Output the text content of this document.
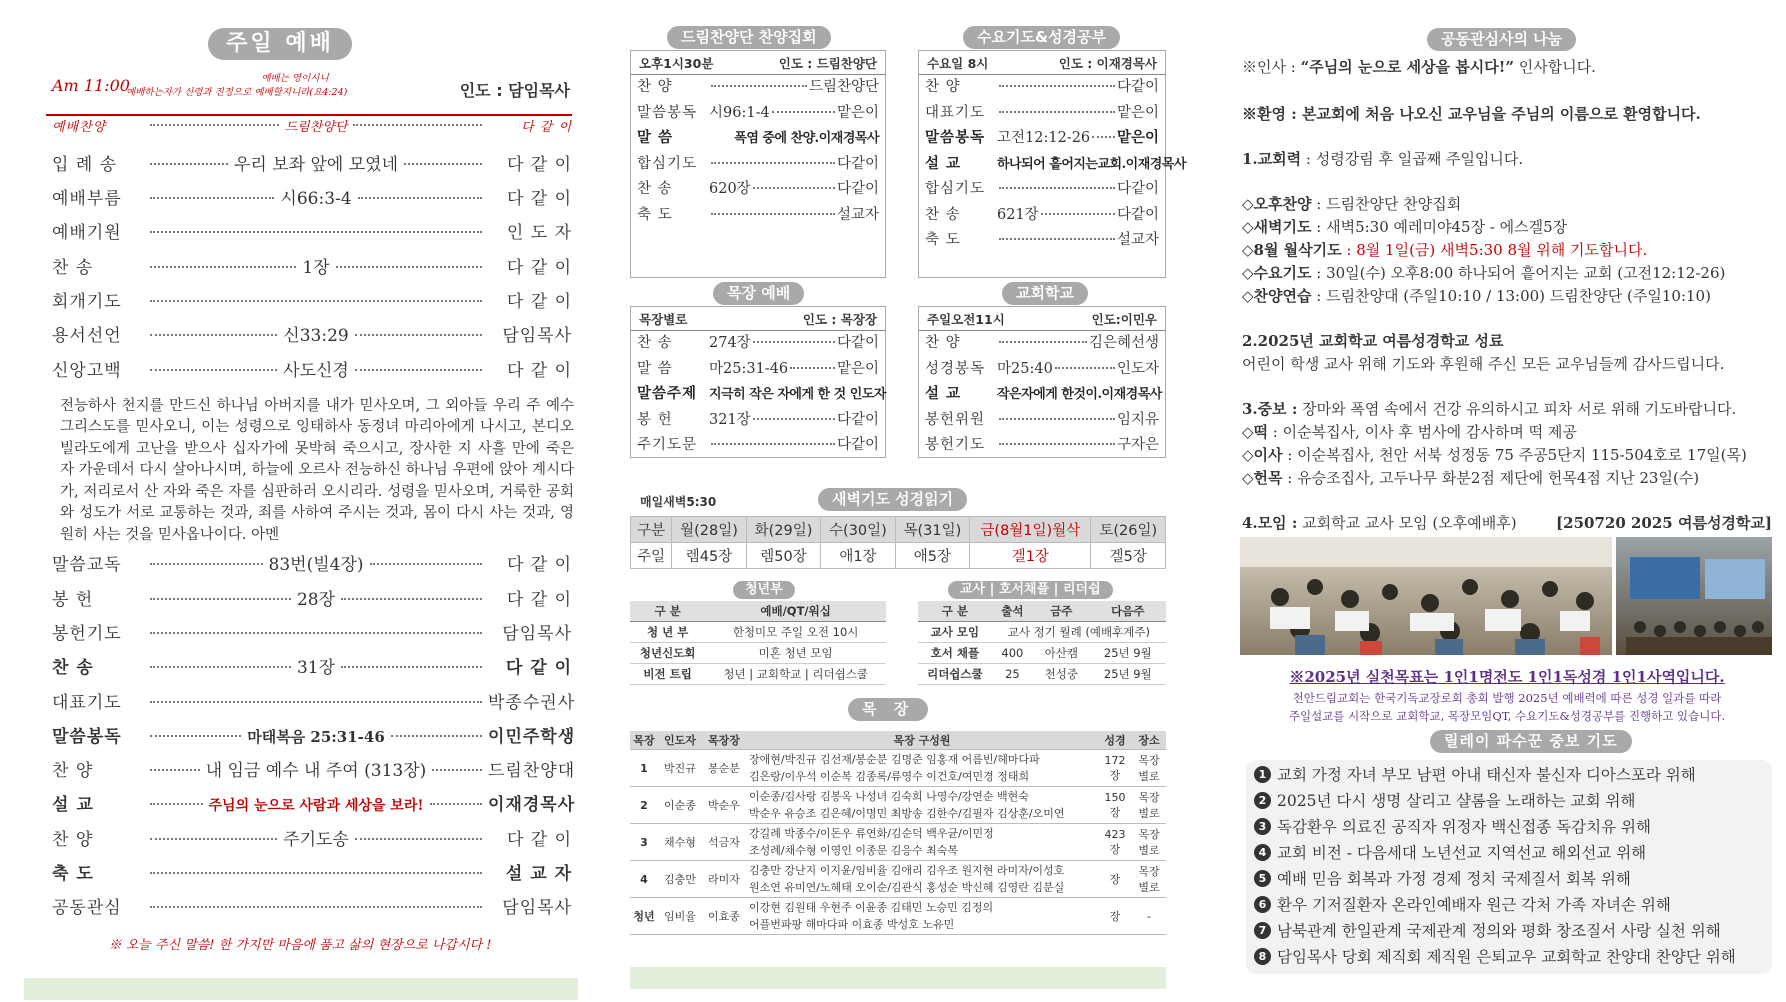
주일 예배
Am 11:00	예배는 영이시니
예배하는자가 신령과 진정으로 예배할지니라(요4:24)	인도 : 담임목사
예배찬양	드림찬양단	다 같 이
입 례 송	우리 보좌 앞에 모였네	다 같 이
예배부름	시66:3-4	다 같 이
예배기원	인 도 자
찬 송	1장	다 같 이
회개기도	다 같 이
용서선언	신33:29	담임목사
신앙고백	사도신경	다 같 이
전능하사 천지를 만드신 하나님 아버지를 내가 믿사오며, 그 외아들 우리 주 예수 그리스도를 믿사오니, 이는 성령으로 잉태하사 동정녀 마리아에게 나시고, 본디오 빌라도에게 고난을 받으사 십자가에 못박혀 죽으시고, 장사한 지 사흘 만에 죽은 자 가운데서 다시 살아나시며, 하늘에 오르사 전능하신 하나님 우편에 앉아 계시다가, 저리로서 산 자와 죽은 자를 심판하러 오시리라. 성령을 믿사오며, 거룩한 공회와 성도가 서로 교통하는 것과, 죄를 사하여 주시는 것과, 몸이 다시 사는 것과, 영원히 사는 것을 믿사옵나이다. 아멘
말씀교독	83번(빌4장)	다 같 이
봉 헌	28장	다 같 이
봉헌기도	담임목사
찬 송	31장	다 같 이
대표기도	박종수권사
말씀봉독	마태복음 25:31-46	이민주학생
찬 양	내 임금 예수 내 주여 (313장)	드림찬양대
설 교	주님의 눈으로 사람과 세상을 보라!	이재경목사
찬 양	주기도송	다 같 이
축 도	설 교 자
공동관심	담임목사
※ 오늘 주신 말씀! 한 가지만 마음에 품고 삶의 현장으로 나갑시다 !
드림찬양단 찬양집회
오후1시30분	인도 : 드림찬양단
찬 양	드림찬양단
말씀봉독 시96:1-4	맡은이
말 씀	폭염 중에 찬양.이재경목사
합심기도	다같이
찬 송	620장	다같이
축 도	설교자
수요기도&성경공부
수요일 8시	인도 : 이재경목사
찬 양	다같이
대표기도	맡은이
말씀봉독 고전12:12-26 맡은이
설 교	하나되어 흩어지는교회.이재경목사
합심기도	다같이
찬 송	621장	다같이
축 도	설교자
목장 예배
목장별로	인도 : 목장장
찬 송	274장	다같이
말 씀	마25:31-46	맡은이
말씀주제 지극히 작은 자에게 한 것 인도자
봉 헌	321장	다같이
주기도문	다같이
교회학교
주일오전11시	인도:이민우
찬 양	김은혜선생
성경봉독 마25:40	인도자
설 교	작은자에게 한것이.이재경목사
봉헌위원	임지유
봉헌기도	구자은
매일새벽5:30	새벽기도 성경읽기
구분	월(28일)	화(29일)	수(30일)	목(31일)	금(8월1일)월삭	토(26일)
주일	렘45장	렘50장	애1장	애5장	겔1장	겔5장
청년부
구 분	예배/QT/워십
청 년 부	한청미모 주일 오전 10시
청년신도회	미혼 청년 모임
비전 트립	청년 | 교회학교 | 리더쉽스쿨
교사 | 호서채플 | 리더쉽
구 분	출석	금주	다음주
교사 모임	교사 정기 월례 (예배후계주)		
호서 채플	400	아산캠	25년 9월
리더쉽스쿨	25	천성중	25년 9월
목 장
목장	인도자	목장장	목장 구성원	성경	장소
1	박진규	봉순분	장애현/박진규 김선재/봉순분 김명준 임홍재 어름빈/헤마다파
김은랑/이우석 이순복 김종록/류영수 이건호/여민경 정태희	172 장	목장 별로
2	이순종	박순우	이순종/김사랑 김봉옥 나성녀 김숙희 나영수/강연순 백현숙
박순우 유승조 김은혜/이명민 최방송 김한수/김필자 김상훈/오미연	150 장	목장 별로
3	채수형	석금자	강길례 박종수/이돈우 류연화/김순덕 백우균/이민정
조성례/채수형 이영인 이종문 김응수 최숙복	423 장	목장 별로
4	김충만	라미자	김충만 강난지 이지윤/임비율 김애리 김우조 원지현 라미자/이성호
원소연 유미연/노혜태 오이순/김관식 홍성순 박신혜 김영란 김분실	장	목장 별로
청년	임비율	이효종	이강현 김원태 우현주 이윤종 김태민 노승민 김정의
어플번파팡 해마다파 이효종 박성호 노유민	장	-
공동관심사의 나눔
※인사 : “주님의 눈으로 세상을 봅시다!” 인사합니다.
※환영 : 본교회에 처음 나오신 교우님을 주님의 이름으로 환영합니다.
1.교회력 : 성령강림 후 일곱째 주일입니다.
◇오후찬양 : 드림찬양단 찬양집회
◇새벽기도 : 새벽5:30 예레미야45장 - 에스겔5장
◇8월 월삭기도 : 8월 1일(금) 새벽5:30 8월 위해 기도합니다.
◇수요기도 : 30일(수) 오후8:00 하나되어 흩어지는 교회 (고전12:12-26)
◇찬양연습 : 드림찬양대 (주일10:10 / 13:00) 드림찬양단 (주일10:10)
2.2025년 교회학교 여름성경학교 성료
어린이 학생 교사 위해 기도와 후원해 주신 모든 교우님들께 감사드립니다.
3.중보 : 장마와 폭염 속에서 건강 유의하시고 피차 서로 위해 기도바랍니다.
◇떡 : 이순복집사, 이사 후 범사에 감사하며 떡 제공
◇이사 : 이순복집사, 천안 서북 성정동 75 주공5단지 115-504호로 17일(목)
◇헌목 : 유승조집사, 고두나무 화분2점 제단에 헌목4점 지난 23일(수)
4.모임 : 교회학교 교사 모임 (오후예배후)	[250720 2025 여름성경학교]
※2025년 실천목표는 1인1명전도 1인1독성경 1인1사역입니다.
천안드림교회는 한국기독교장로회 총회 발행 2025년 예배력에 따른 성경 일과를 따라
주일설교를 시작으로 교회학교, 목장모임QT, 수요기도&성경공부를 진행하고 있습니다.
릴레이 파수꾼 중보 기도
1 교회 가정 자녀 부모 남편 아내 태신자 불신자 디아스포라 위해
2 2025년 다시 생명 살리고 샬롬을 노래하는 교회 위해
3 독감환우 의료진 공직자 위정자 백신접종 독감치유 위해
4 교회 비전 - 다음세대 노년선교 지역선교 해외선교 위해
5 예배 믿음 회복과 가정 경제 정치 국제질서 회복 위해
6 환우 기저질환자 온라인예배자 원근 각처 가족 자녀손 위해
7 남북관계 한일관계 국제관계 정의와 평화 창조질서 사랑 실천 위해
8 담임목사 당회 제직회 제직원 은퇴교우 교회학교 찬양대 찬양단 위해
